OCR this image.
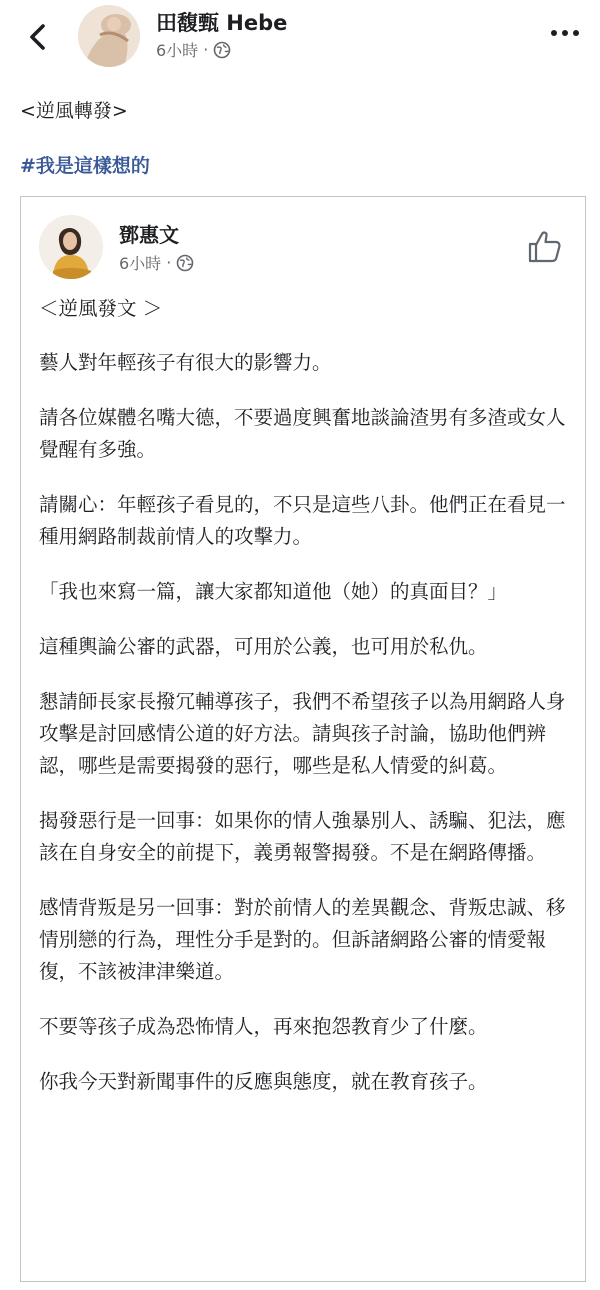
田馥甄 Hebe
6小時 ·
<逆風轉發>
#我是這樣想的
鄧惠文
6小時 ·

＜逆風發文 ＞

藝人對年輕孩子有很大的影響力。

請各位媒體名嘴大德，不要過度興奮地談論渣男有多渣或女人覺醒有多強。

請關心：年輕孩子看見的，不只是這些八卦。他們正在看見一種用網路制裁前情人的攻擊力。

「我也來寫一篇，讓大家都知道他（她）的真面目？」

這種輿論公審的武器，可用於公義，也可用於私仇。

懇請師長家長撥冗輔導孩子，我們不希望孩子以為用網路人身攻擊是討回感情公道的好方法。請與孩子討論，協助他們辨認，哪些是需要揭發的惡行，哪些是私人情愛的糾葛。

揭發惡行是一回事：如果你的情人強暴別人、誘騙、犯法，應該在自身安全的前提下，義勇報警揭發。不是在網路傳播。

感情背叛是另一回事：對於前情人的差異觀念、背叛忠誠、移情別戀的行為，理性分手是對的。但訴諸網路公審的情愛報復，不該被津津樂道。

不要等孩子成為恐怖情人，再來抱怨教育少了什麼。

你我今天對新聞事件的反應與態度，就在教育孩子。
